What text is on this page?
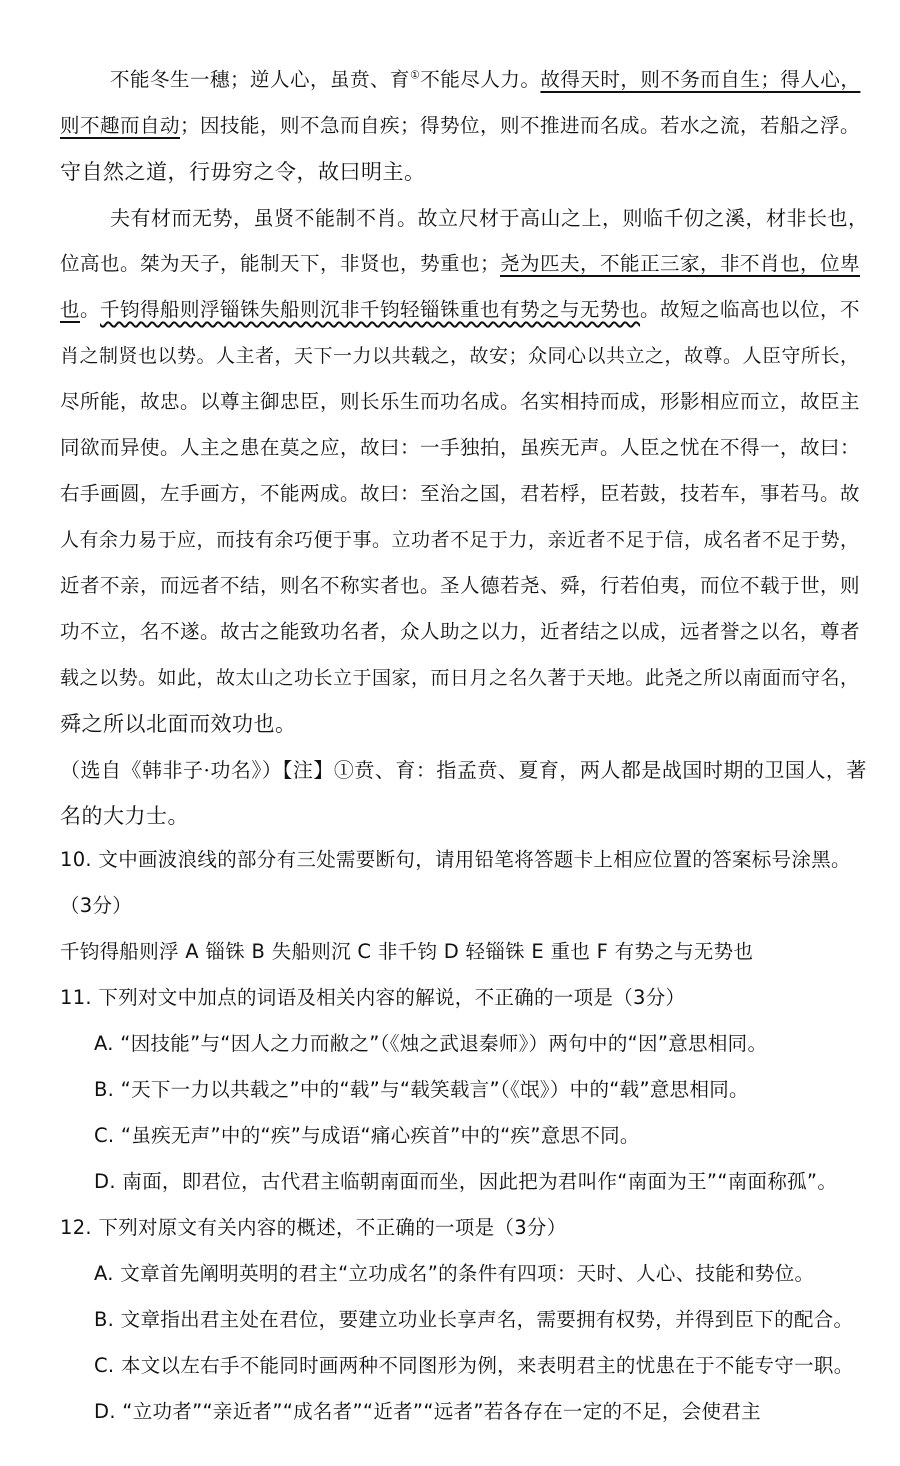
不能冬生一穗；逆人心，虽贲、育①不能尽人力。故得天时，则不务而自生；得人心，
则不趣而自动；因技能，则不急而自疾；得势位，则不推进而名成。若水之流，若船之浮。
守自然之道，行毋穷之令，故曰明主。
夫有材而无势，虽贤不能制不肖。故立尺材于高山之上，则临千仞之溪，材非长也，
位高也。桀为天子，能制天下，非贤也，势重也；尧为匹夫，不能正三家，非不肖也，位卑
也。千钧得船则浮锱铢失船则沉非千钧轻锱铢重也有势之与无势也。故短之临高也以位，不
肖之制贤也以势。人主者，天下一力以共载之，故安；众同心以共立之，故尊。人臣守所长，
尽所能，故忠。以尊主御忠臣，则长乐生而功名成。名实相持而成，形影相应而立，故臣主
同欲而异使。人主之患在莫之应，故曰：一手独拍，虽疾无声。人臣之忧在不得一，故曰：
右手画圆，左手画方，不能两成。故曰：至治之国，君若桴，臣若鼓，技若车，事若马。故
人有余力易于应，而技有余巧便于事。立功者不足于力，亲近者不足于信，成名者不足于势，
近者不亲，而远者不结，则名不称实者也。圣人德若尧、舜，行若伯夷，而位不载于世，则
功不立，名不遂。故古之能致功名者，众人助之以力，近者结之以成，远者誉之以名，尊者
载之以势。如此，故太山之功长立于国家，而日月之名久著于天地。此尧之所以南面而守名，
舜之所以北面而效功也。
（选自《韩非子·功名》）【注】①贲、育：指孟贲、夏育，两人都是战国时期的卫国人，著
名的大力士。
10. 文中画波浪线的部分有三处需要断句，请用铅笔将答题卡上相应位置的答案标号涂黑。
（3分）
千钧得船则浮 A 锱铢 B 失船则沉 C 非千钧 D 轻锱铢 E 重也 F 有势之与无势也
11. 下列对文中加点的词语及相关内容的解说，不正确的一项是（3分）
A. “因技能”与“因人之力而敝之”（《烛之武退秦师》）两句中的“因”意思相同。
B. “天下一力以共载之”中的“载”与“载笑载言”（《氓》）中的“载”意思相同。
C. “虽疾无声”中的“疾”与成语“痛心疾首”中的“疾”意思不同。
D. 南面，即君位，古代君主临朝南面而坐，因此把为君叫作“南面为王”“南面称孤”。
12. 下列对原文有关内容的概述，不正确的一项是（3分）
A. 文章首先阐明英明的君主“立功成名”的条件有四项：天时、人心、技能和势位。
B. 文章指出君主处在君位，要建立功业长享声名，需要拥有权势，并得到臣下的配合。
C. 本文以左右手不能同时画两种不同图形为例，来表明君主的忧患在于不能专守一职。
D. “立功者”“亲近者”“成名者”“近者”“远者”若各存在一定的不足，会使君主
